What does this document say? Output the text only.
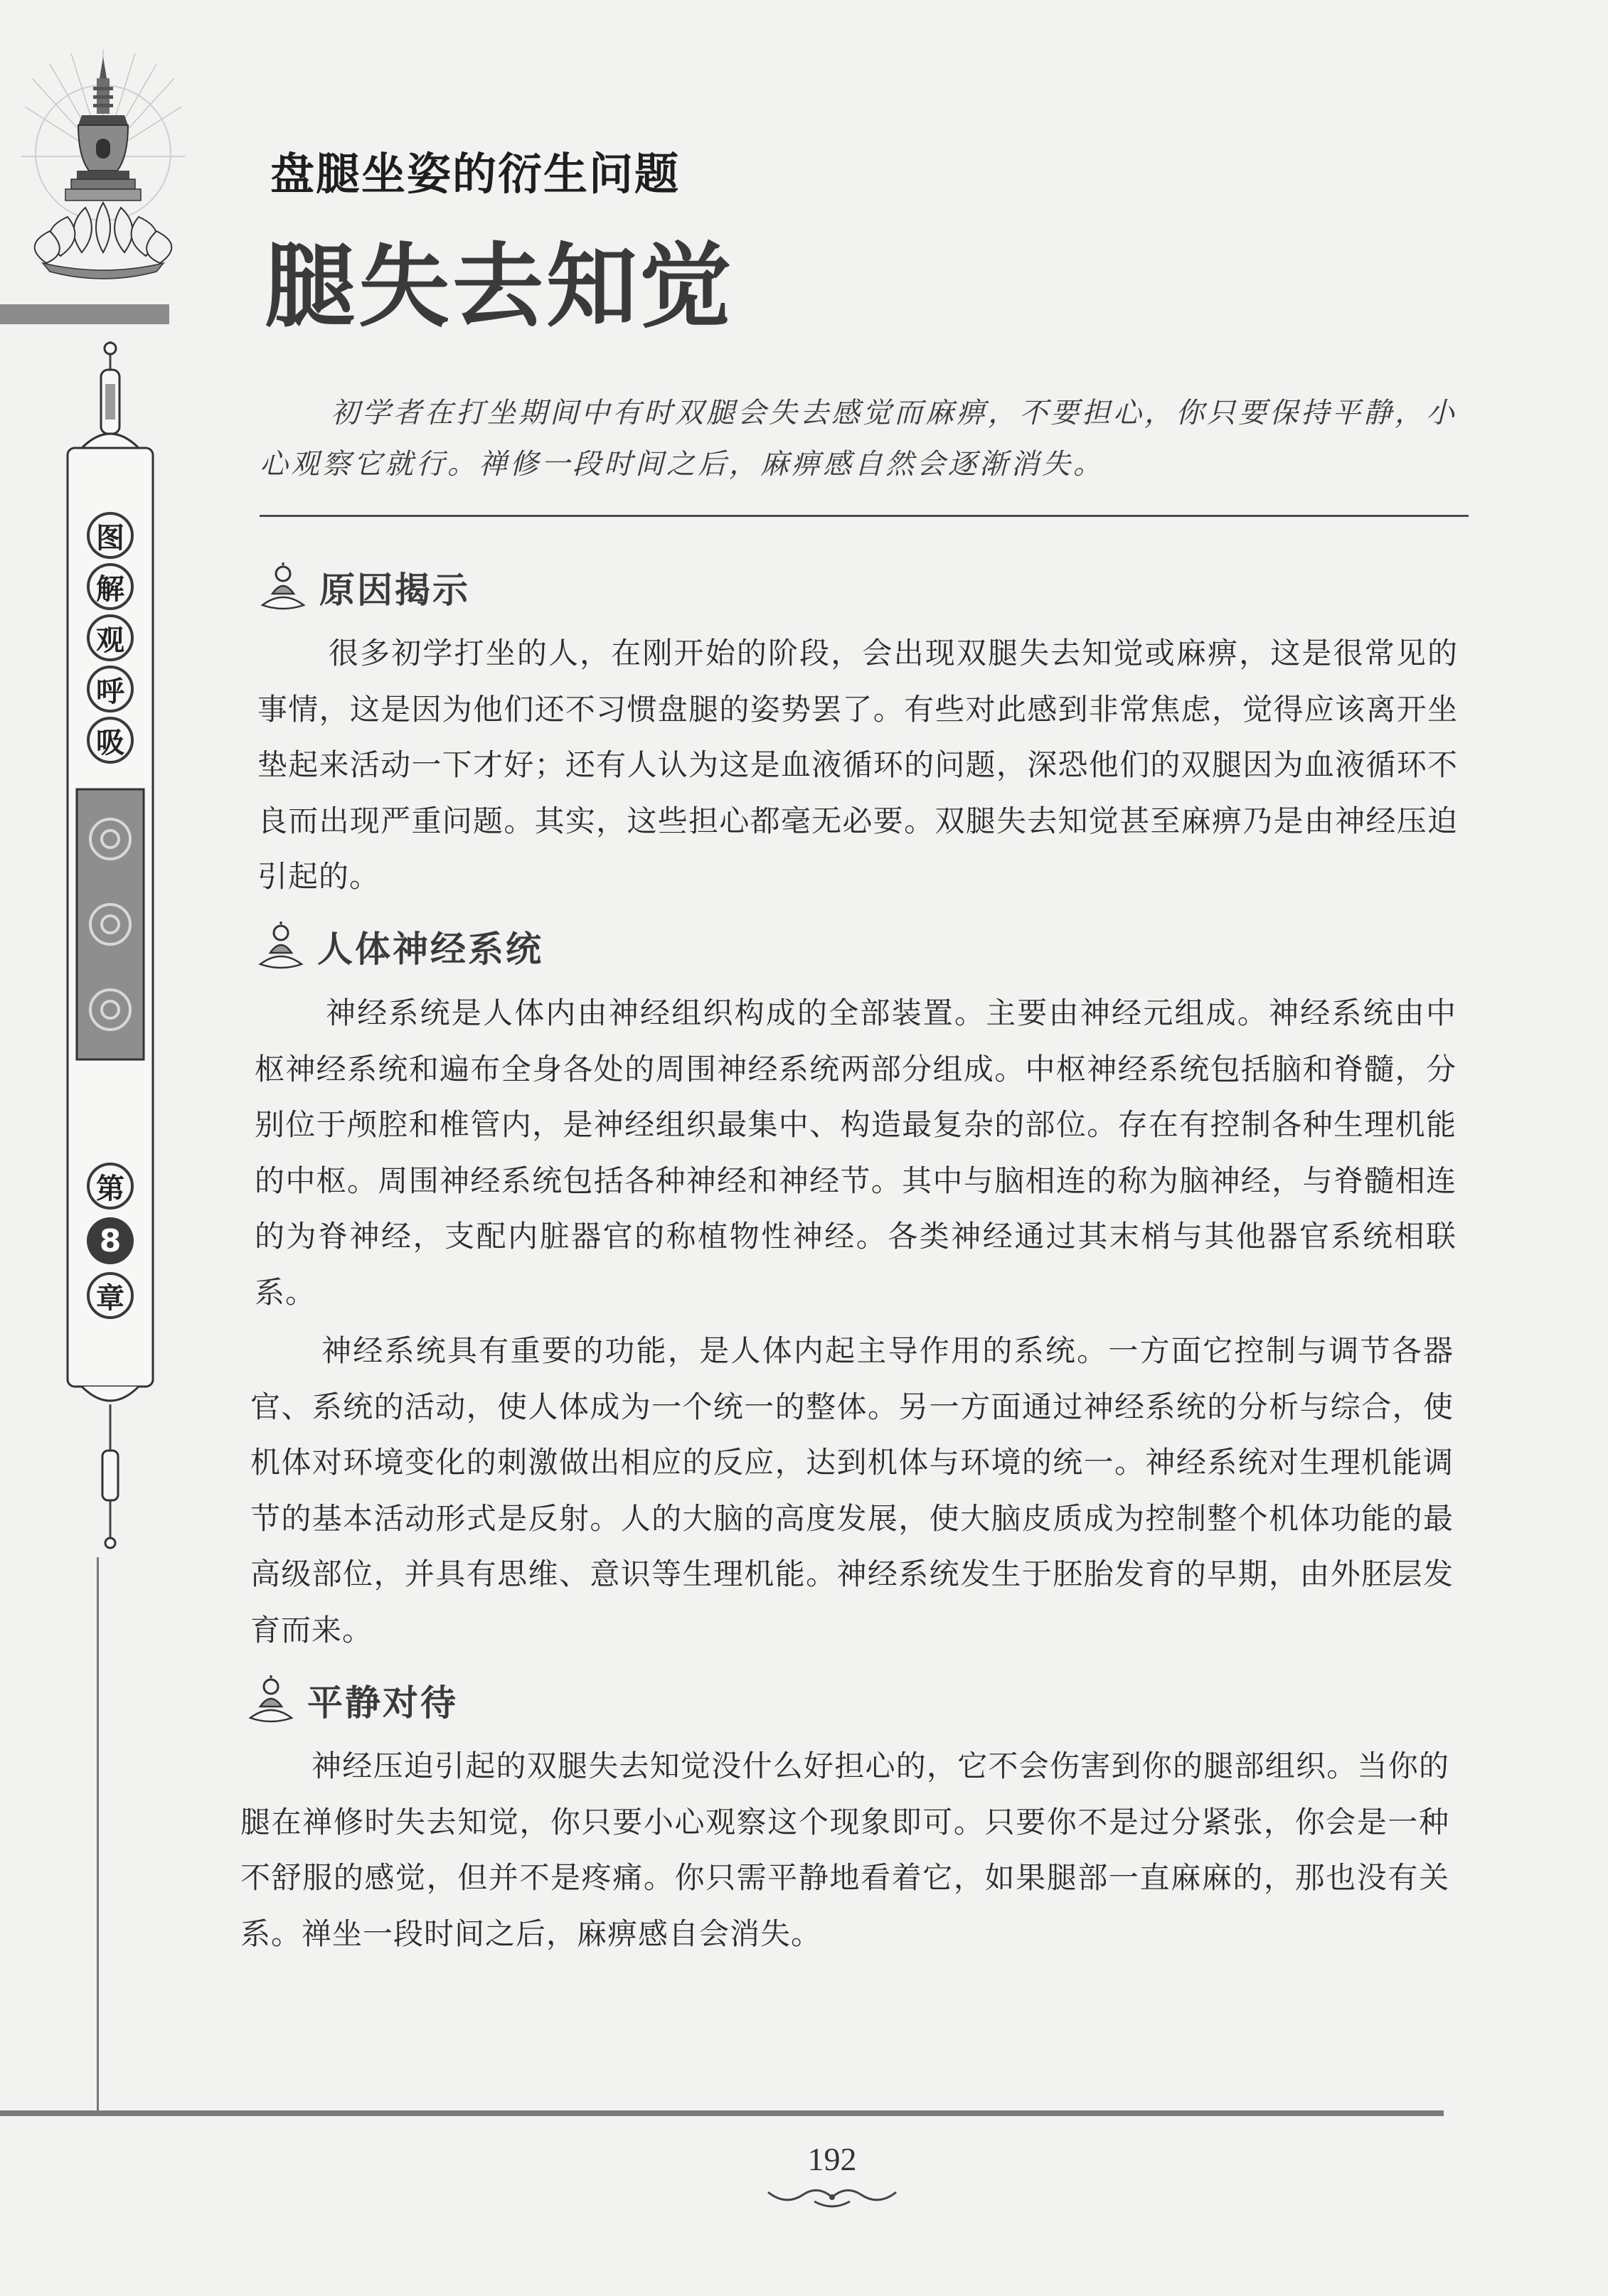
图
解
观
呼
吸
第
8
章
盘腿坐姿的衍生问题
腿失去知觉
初学者在打坐期间中有时双腿会失去感觉而麻痹，不要担心，你只要保持平静，小心观察它就行。禅修一段时间之后，麻痹感自然会逐渐消失。
原因揭示
很多初学打坐的人，在刚开始的阶段，会出现双腿失去知觉或麻痹，这是很常见的事情，这是因为他们还不习惯盘腿的姿势罢了。有些对此感到非常焦虑，觉得应该离开坐垫起来活动一下才好；还有人认为这是血液循环的问题，深恐他们的双腿因为血液循环不良而出现严重问题。其实，这些担心都毫无必要。双腿失去知觉甚至麻痹乃是由神经压迫引起的。
人体神经系统
神经系统是人体内由神经组织构成的全部装置。主要由神经元组成。神经系统由中枢神经系统和遍布全身各处的周围神经系统两部分组成。中枢神经系统包括脑和脊髓，分别位于颅腔和椎管内，是神经组织最集中、构造最复杂的部位。存在有控制各种生理机能的中枢。周围神经系统包括各种神经和神经节。其中与脑相连的称为脑神经，与脊髓相连的为脊神经，支配内脏器官的称植物性神经。各类神经通过其末梢与其他器官系统相联系。
神经系统具有重要的功能，是人体内起主导作用的系统。一方面它控制与调节各器官、系统的活动，使人体成为一个统一的整体。另一方面通过神经系统的分析与综合，使机体对环境变化的刺激做出相应的反应，达到机体与环境的统一。神经系统对生理机能调节的基本活动形式是反射。人的大脑的高度发展，使大脑皮质成为控制整个机体功能的最高级部位，并具有思维、意识等生理机能。神经系统发生于胚胎发育的早期，由外胚层发育而来。
平静对待
神经压迫引起的双腿失去知觉没什么好担心的，它不会伤害到你的腿部组织。当你的腿在禅修时失去知觉，你只要小心观察这个现象即可。只要你不是过分紧张，你会是一种不舒服的感觉，但并不是疼痛。你只需平静地看着它，如果腿部一直麻麻的，那也没有关系。禅坐一段时间之后，麻痹感自会消失。
192
